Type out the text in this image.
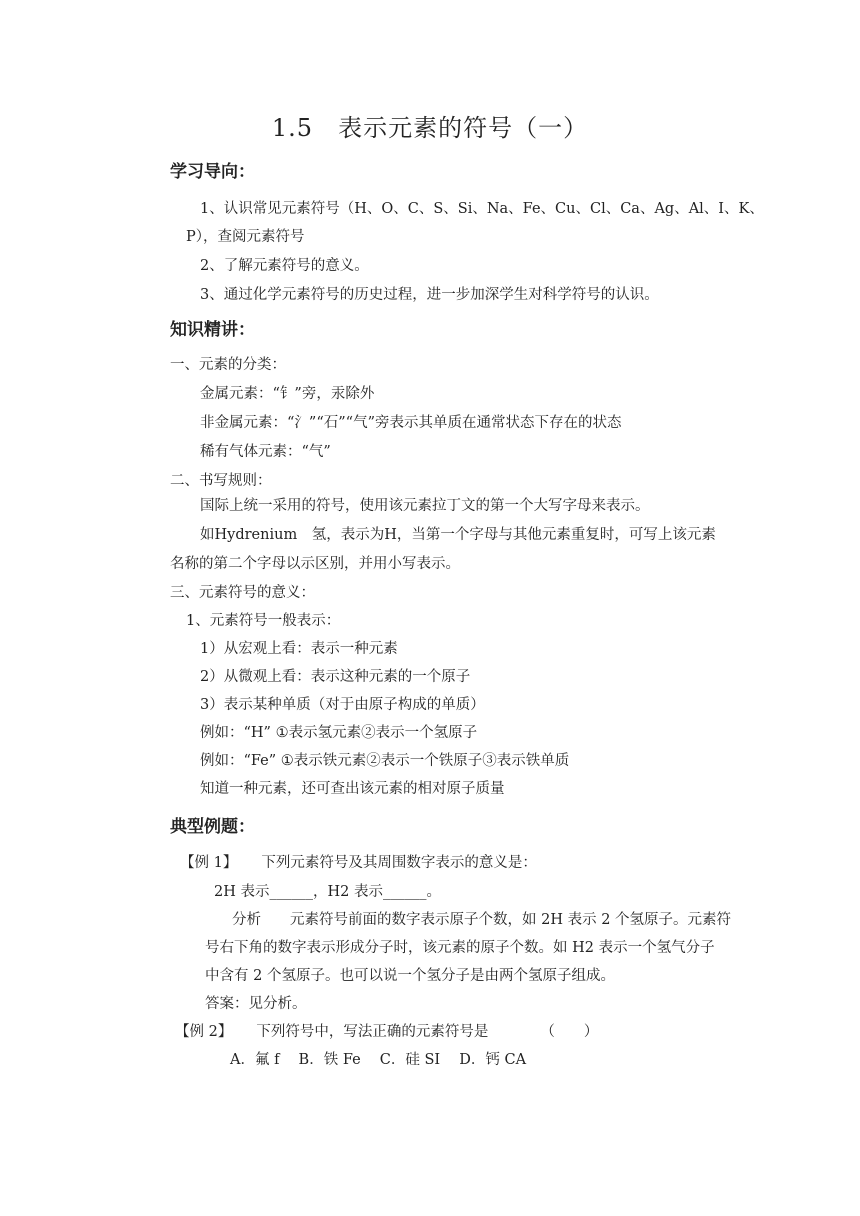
1.5　表示元素的符号（一）
学习导向：
1、认识常见元素符号（H、O、C、S、Si、Na、Fe、Cu、Cl、Ca、Ag、Al、I、K、
P），查阅元素符号
2、了解元素符号的意义。
3、通过化学元素符号的历史过程，进一步加深学生对科学符号的认识。
知识精讲：
一、元素的分类：
金属元素：“钅”旁，汞除外
非金属元素：“氵”“石”“气”旁表示其单质在通常状态下存在的状态
稀有气体元素：“气”
二、书写规则：
国际上统一采用的符号，使用该元素拉丁文的第一个大写字母来表示。
如Hydrenium　氢，表示为H，当第一个字母与其他元素重复时，可写上该元素
名称的第二个字母以示区别，并用小写表示。
三、元素符号的意义：
1、元素符号一般表示：
1）从宏观上看：表示一种元素
2）从微观上看：表示这种元素的一个原子
3）表示某种单质（对于由原子构成的单质）
例如：“H” ①表示氢元素②表示一个氢原子
例如：“Fe” ①表示铁元素②表示一个铁原子③表示铁单质
知道一种元素，还可查出该元素的相对原子质量
典型例题：
【例 1】 下列元素符号及其周围数字表示的意义是：
2H 表示______，H2 表示______。
分析　　元素符号前面的数字表示原子个数，如 2H 表示 2 个氢原子。元素符
号右下角的数字表示形成分子时，该元素的原子个数。如 H2 表示一个氢气分子
中含有 2 个氢原子。也可以说一个氢分子是由两个氢原子组成。
答案：见分析。
【例 2】 下列符号中，写法正确的元素符号是	（　　）
A．氟 f　 B．铁 Fe　 C．硅 SI　 D．钙 CA
